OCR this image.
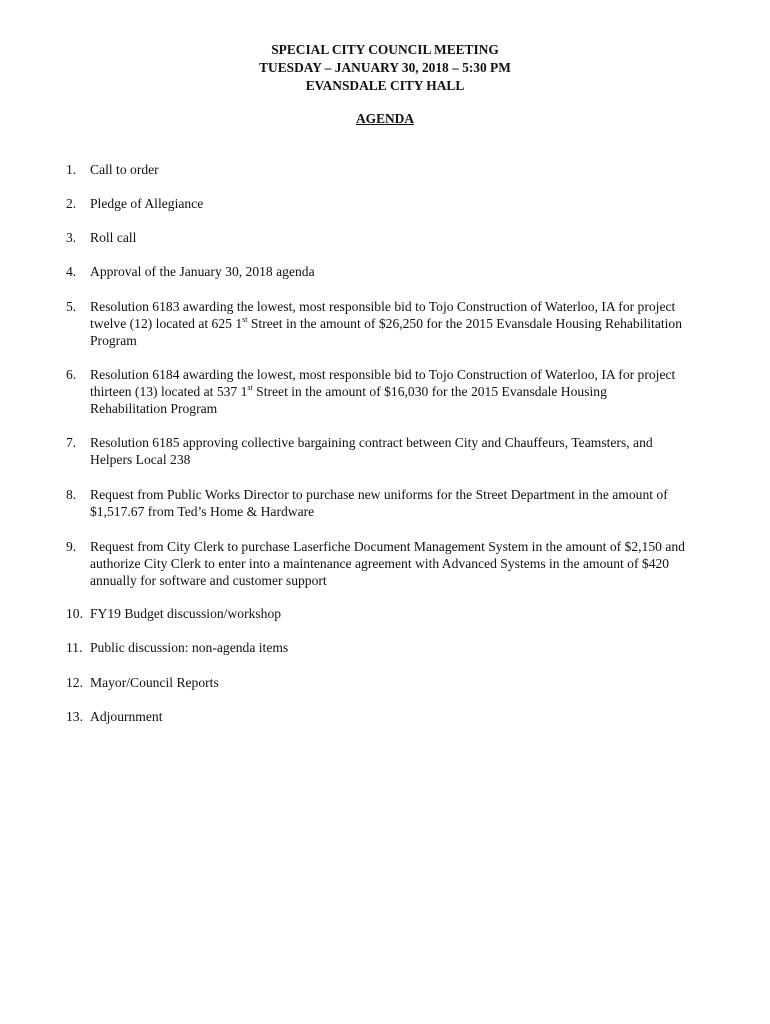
SPECIAL CITY COUNCIL MEETING
TUESDAY – JANUARY 30, 2018 – 5:30 PM
EVANSDALE CITY HALL
AGENDA
1.	Call to order
2.	Pledge of Allegiance
3.	Roll call
4.	Approval of the January 30, 2018 agenda
5.	Resolution 6183 awarding the lowest, most responsible bid to Tojo Construction of Waterloo, IA for project
twelve (12) located at 625 1st Street in the amount of $26,250 for the 2015 Evansdale Housing Rehabilitation
Program
6.	Resolution 6184 awarding the lowest, most responsible bid to Tojo Construction of Waterloo, IA for project
thirteen (13) located at 537 1st Street in the amount of $16,030 for the 2015 Evansdale Housing
Rehabilitation Program
7.	Resolution 6185 approving collective bargaining contract between City and Chauffeurs, Teamsters, and
Helpers Local 238
8.	Request from Public Works Director to purchase new uniforms for the Street Department in the amount of
$1,517.67 from Ted’s Home & Hardware
9.	Request from City Clerk to purchase Laserfiche Document Management System in the amount of $2,150 and
authorize City Clerk to enter into a maintenance agreement with Advanced Systems in the amount of $420
annually for software and customer support
10. FY19 Budget discussion/workshop
11. Public discussion: non-agenda items
12. Mayor/Council Reports
13. Adjournment
